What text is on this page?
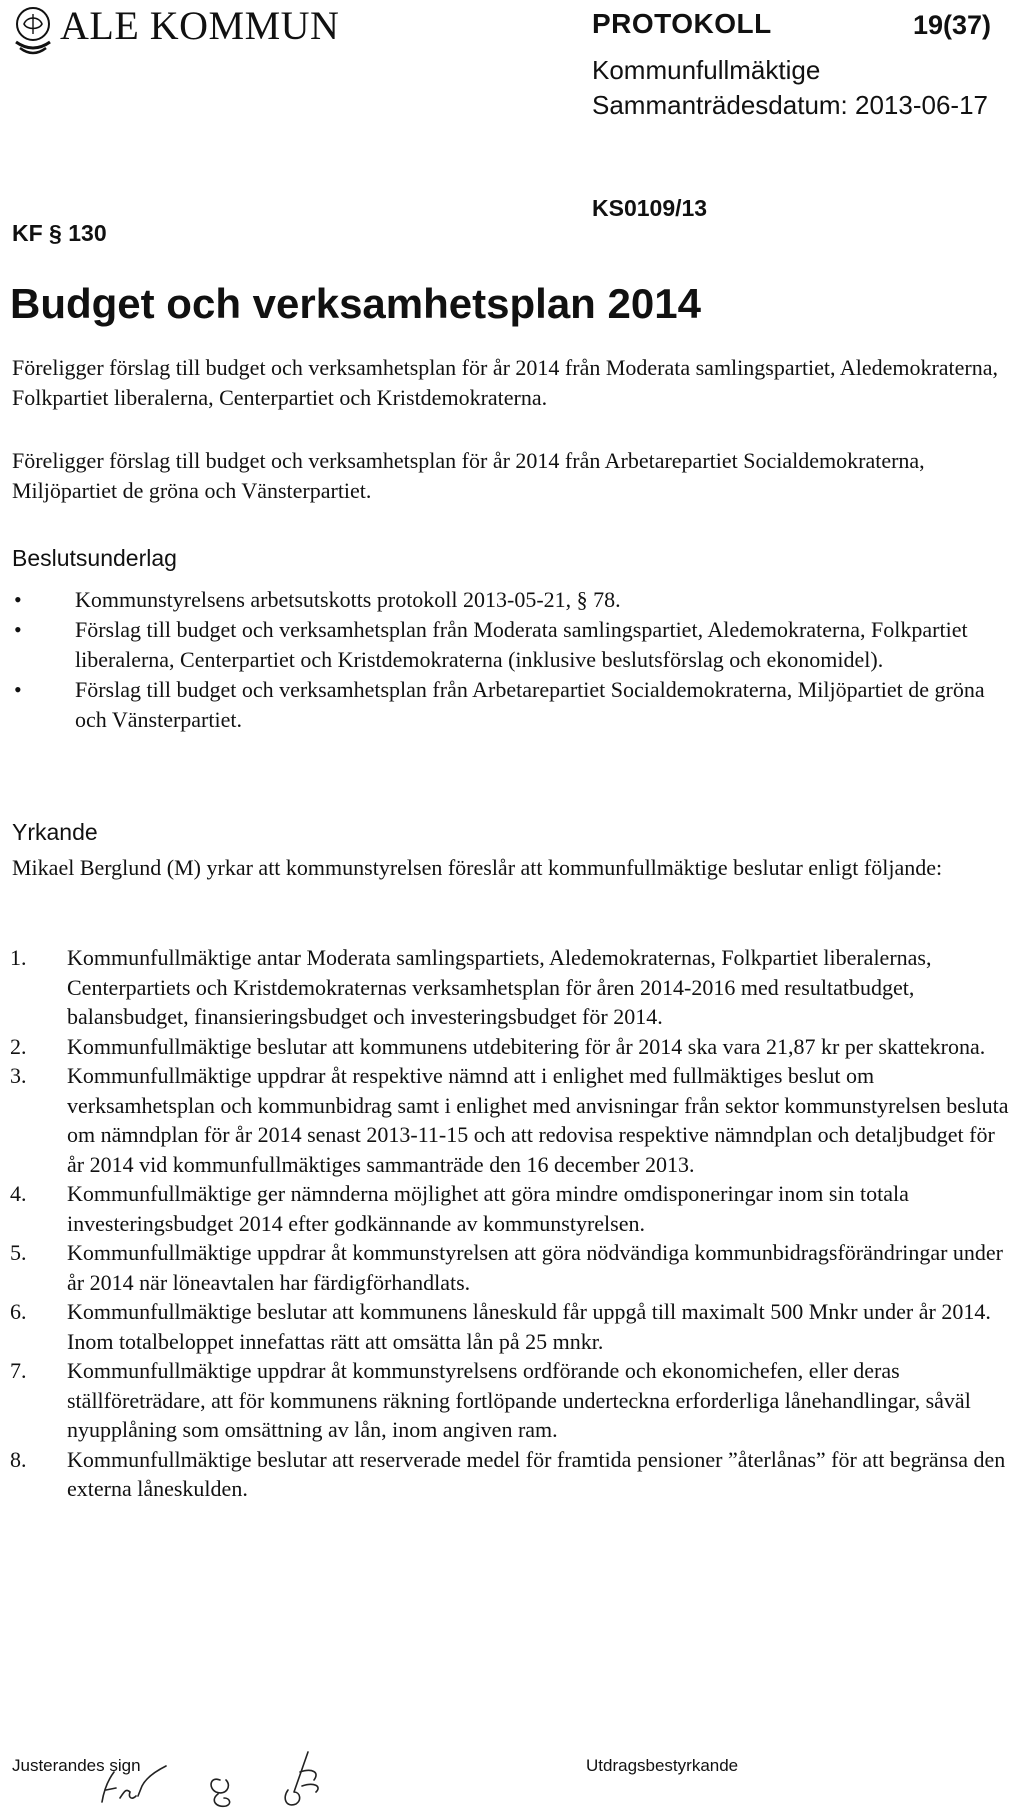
ALE KOMMUN	PROTOKOLL	19(37)
Kommunfullmäktige
Sammanträdesdatum: 2013-06-17
KF § 130
KS0109/13
Budget och verksamhetsplan 2014
Föreligger förslag till budget och verksamhetsplan för år 2014 från Moderata samlingspartiet, Aledemokraterna, Folkpartiet liberalerna, Centerpartiet och Kristdemokraterna.
Föreligger förslag till budget och verksamhetsplan för år 2014 från Arbetarepartiet Socialdemokraterna, Miljöpartiet de gröna och Vänsterpartiet.
Beslutsunderlag
• Kommunstyrelsens arbetsutskotts protokoll 2013-05-21, § 78.
• Förslag till budget och verksamhetsplan från Moderata samlingspartiet, Aledemokraterna, Folkpartiet liberalerna, Centerpartiet och Kristdemokraterna (inklusive beslutsförslag och ekonomidel).
• Förslag till budget och verksamhetsplan från Arbetarepartiet Socialdemokraterna, Miljöpartiet de gröna och Vänsterpartiet.
Yrkande
Mikael Berglund (M) yrkar att kommunstyrelsen föreslår att kommunfullmäktige beslutar enligt följande:
1. Kommunfullmäktige antar Moderata samlingspartiets, Aledemokraternas, Folkpartiet liberalernas, Centerpartiets och Kristdemokraternas verksamhetsplan för åren 2014-2016 med resultatbudget, balansbudget, finansieringsbudget och investeringsbudget för 2014.
2. Kommunfullmäktige beslutar att kommunens utdebitering för år 2014 ska vara 21,87 kr per skattekrona.
3. Kommunfullmäktige uppdrar åt respektive nämnd att i enlighet med fullmäktiges beslut om verksamhetsplan och kommunbidrag samt i enlighet med anvisningar från sektor kommunstyrelsen besluta om nämndplan för år 2014 senast 2013-11-15 och att redovisa respektive nämndplan och detaljbudget för år 2014 vid kommunfullmäktiges sammanträde den 16 december 2013.
4. Kommunfullmäktige ger nämnderna möjlighet att göra mindre omdisponeringar inom sin totala investeringsbudget 2014 efter godkännande av kommunstyrelsen.
5. Kommunfullmäktige uppdrar åt kommunstyrelsen att göra nödvändiga kommunbidragsförändringar under år 2014 när löneavtalen har färdigförhandlats.
6. Kommunfullmäktige beslutar att kommunens låneskuld får uppgå till maximalt 500 Mnkr under år 2014. Inom totalbeloppet innefattas rätt att omsätta lån på 25 mnkr.
7. Kommunfullmäktige uppdrar åt kommunstyrelsens ordförande och ekonomichefen, eller deras ställföreträdare, att för kommunens räkning fortlöpande underteckna erforderliga lånehandlingar, såväl nyupplåning som omsättning av lån, inom angiven ram.
8. Kommunfullmäktige beslutar att reserverade medel för framtida pensioner ”återlånas” för att begränsa den externa låneskulden.
Justerandes sign	Utdragsbestyrkande
